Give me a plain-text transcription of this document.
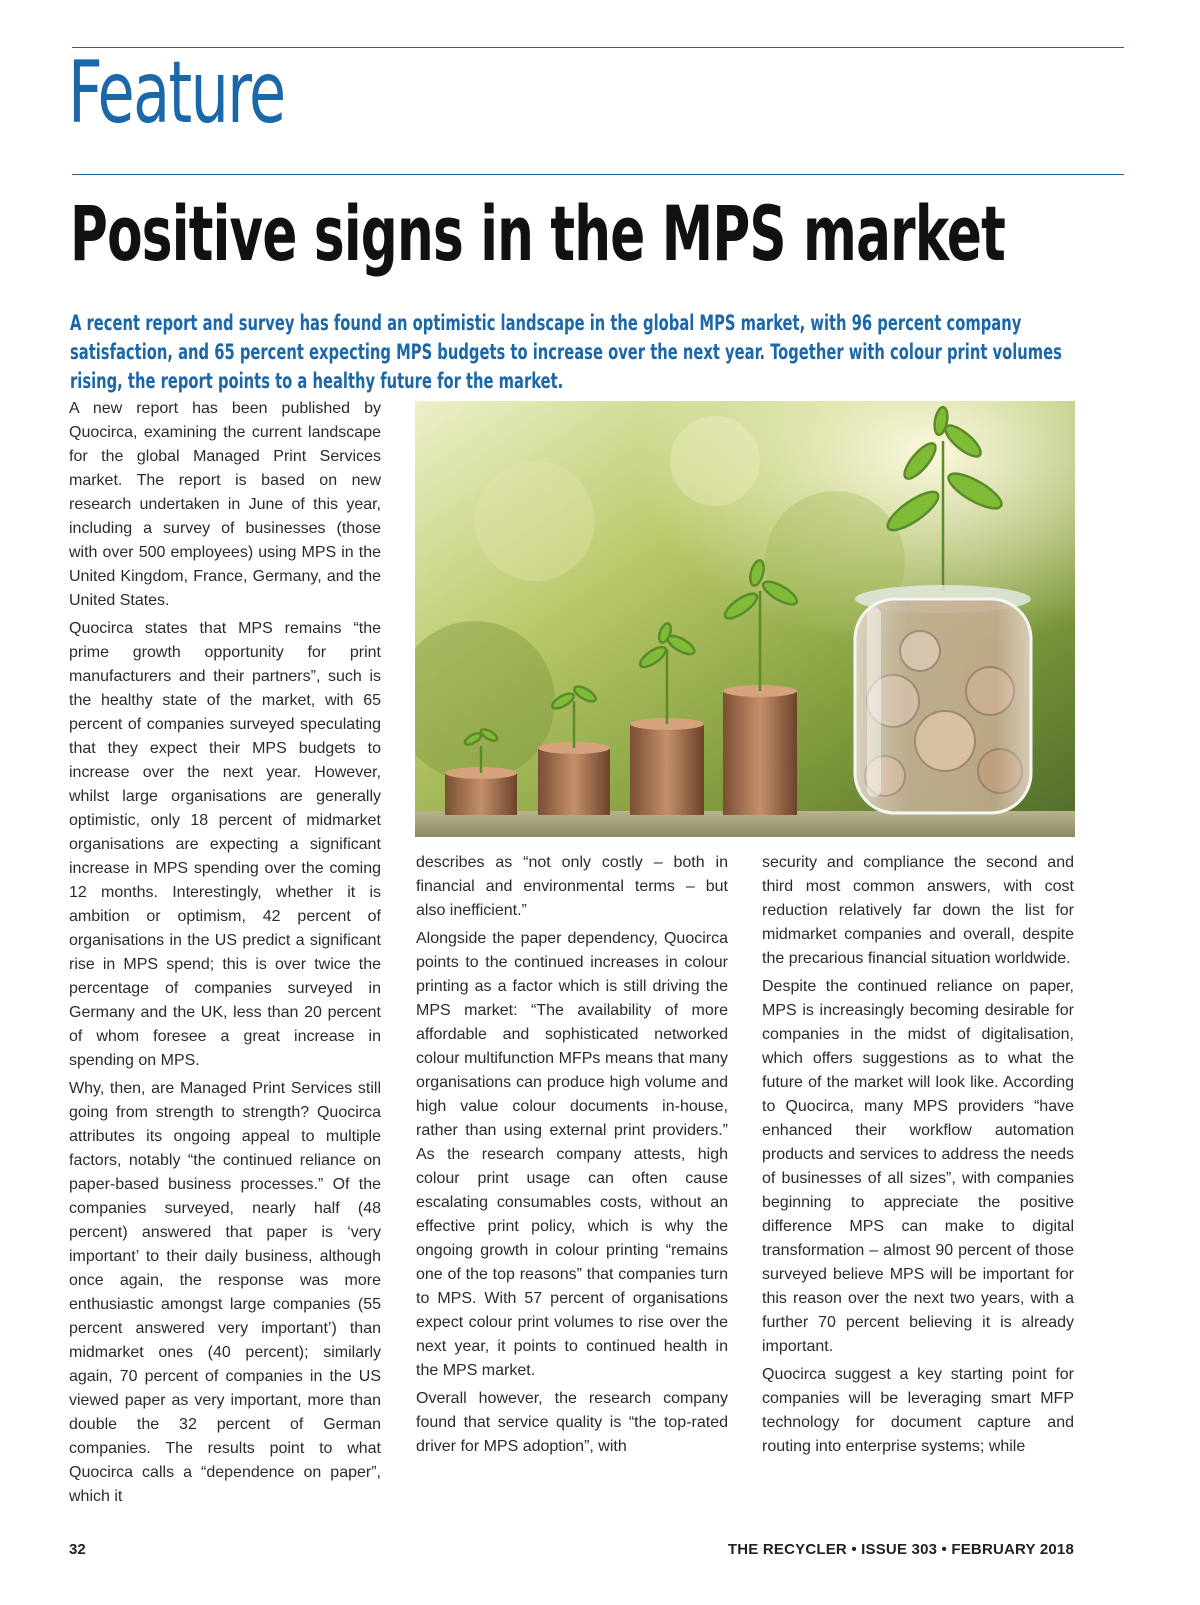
Feature
Positive signs in the MPS market

A recent report and survey has found an optimistic landscape in the global MPS market, with 96 percent company satisfaction, and 65 percent expecting MPS budgets to increase over the next year. Together with colour print volumes rising, the report points to a healthy future for the market.

A new report has been published by Quocirca, examining the current landscape for the global Managed Print Services market. The report is based on new research undertaken in June of this year, including a survey of businesses (those with over 500 employees) using MPS in the United Kingdom, France, Germany, and the United States.

Quocirca states that MPS remains “the prime growth opportunity for print manufacturers and their partners”, such is the healthy state of the market, with 65 percent of companies surveyed speculating that they expect their MPS budgets to increase over the next year. However, whilst large organisations are generally optimistic, only 18 percent of midmarket organisations are expecting a significant increase in MPS spending over the coming 12 months. Interestingly, whether it is ambition or optimism, 42 percent of organisations in the US predict a significant rise in MPS spend; this is over twice the percentage of companies surveyed in Germany and the UK, less than 20 percent of whom foresee a great increase in spending on MPS.

Why, then, are Managed Print Services still going from strength to strength? Quocirca attributes its ongoing appeal to multiple factors, notably “the continued reliance on paper-based business processes.” Of the companies surveyed, nearly half (48 percent) answered that paper is ‘very important’ to their daily business, although once again, the response was more enthusiastic amongst large companies (55 percent answered very important’) than midmarket ones (40 percent); similarly again, 70 percent of companies in the US viewed paper as very important, more than double the 32 percent of German companies. The results point to what Quocirca calls a “dependence on paper”, which it

describes as “not only costly – both in financial and environmental terms – but also inefficient.”

Alongside the paper dependency, Quocirca points to the continued increases in colour printing as a factor which is still driving the MPS market: “The availability of more affordable and sophisticated networked colour multifunction MFPs means that many organisations can produce high volume and high value colour documents in-house, rather than using external print providers.” As the research company attests, high colour print usage can often cause escalating consumables costs, without an effective print policy, which is why the ongoing growth in colour printing “remains one of the top reasons” that companies turn to MPS. With 57 percent of organisations expect colour print volumes to rise over the next year, it points to continued health in the MPS market.

Overall however, the research company found that service quality is “the top-rated driver for MPS adoption”, with

security and compliance the second and third most common answers, with cost reduction relatively far down the list for midmarket companies and overall, despite the precarious financial situation worldwide.

Despite the continued reliance on paper, MPS is increasingly becoming desirable for companies in the midst of digitalisation, which offers suggestions as to what the future of the market will look like. According to Quocirca, many MPS providers “have enhanced their workflow automation products and services to address the needs of businesses of all sizes”, with companies beginning to appreciate the positive difference MPS can make to digital transformation – almost 90 percent of those surveyed believe MPS will be important for this reason over the next two years, with a further 70 percent believing it is already important.

Quocirca suggest a key starting point for companies will be leveraging smart MFP technology for document capture and routing into enterprise systems; while

32	THE RECYCLER • ISSUE 303 • FEBRUARY 2018
